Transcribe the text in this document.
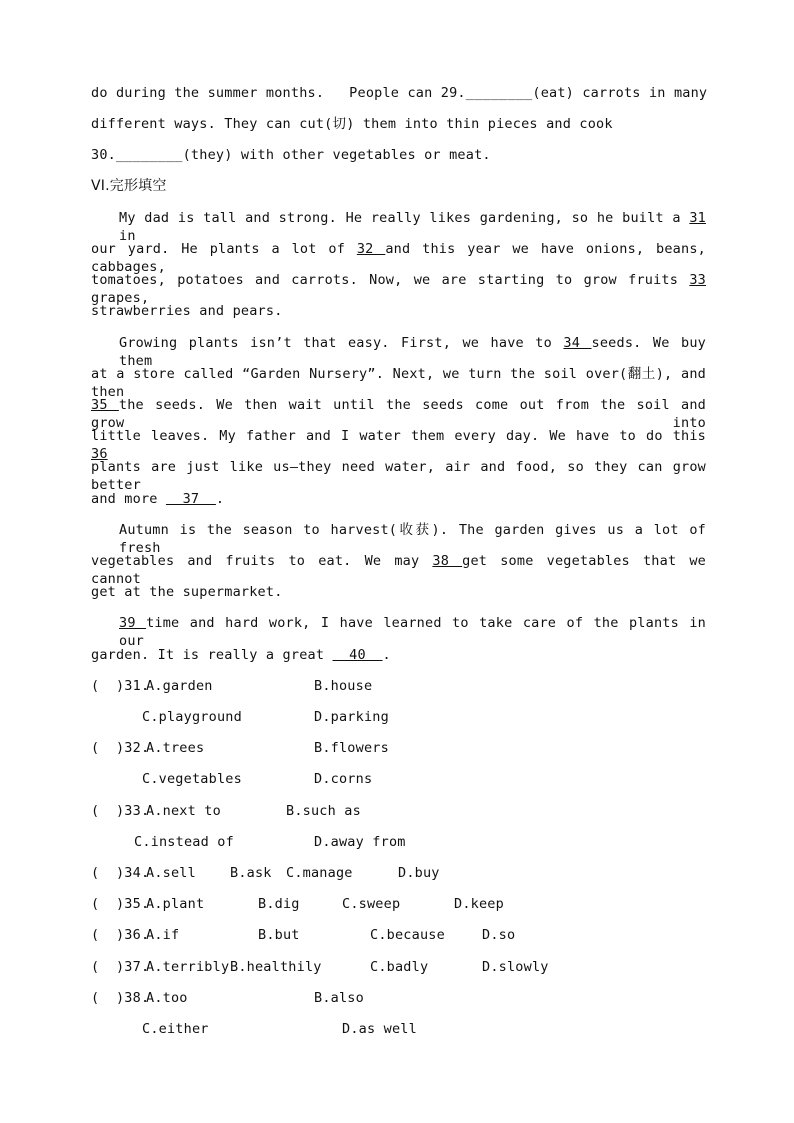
do during the summer months.   People can 29.________(eat) carrots in many
different ways. They can cut(切) them into thin pieces and cook
30.________(they) with other vegetables or meat.
VI.完形填空
My dad is tall and strong. He really likes gardening, so he built a 31 in
our yard. He plants a lot of 32 and this year we have onions, beans, cabbages,
tomatoes, potatoes and carrots. Now, we are starting to grow fruits 33 grapes,
strawberries and pears.
Growing plants isn’t that easy. First, we have to 34 seeds. We buy them
at a store called “Garden Nursery”. Next, we turn the soil over(翻土), and then
35 the seeds. We then wait until the seeds come out from the soil and grow into
little leaves. My father and I water them every day. We have to do this 36
plants are just like us—they need water, air and food, so they can grow better
and more   37  .
Autumn is the season to harvest(收获). The garden gives us a lot of fresh
vegetables and fruits to eat. We may 38 get some vegetables that we cannot
get at the supermarket.
39 time and hard work, I have learned to take care of the plants in our
garden. It is really a great   40  .
(  )31.
A.garden	B.house
C.playground	D.parking
(  )32.
A.trees	B.flowers
C.vegetables	D.corns
(  )33.
A.next to	B.such as
C.instead of	D.away from
(  )34.
A.sell	B.ask C.manage	D.buy
(  )35.
A.plant	B.dig	C.sweep	D.keep
(  )36.
A.if	B.but	C.because	D.so
(  )37.
A.terribly B.healthily	C.badly	D.slowly
(  )38.
A.too	B.also
C.either	D.as well
